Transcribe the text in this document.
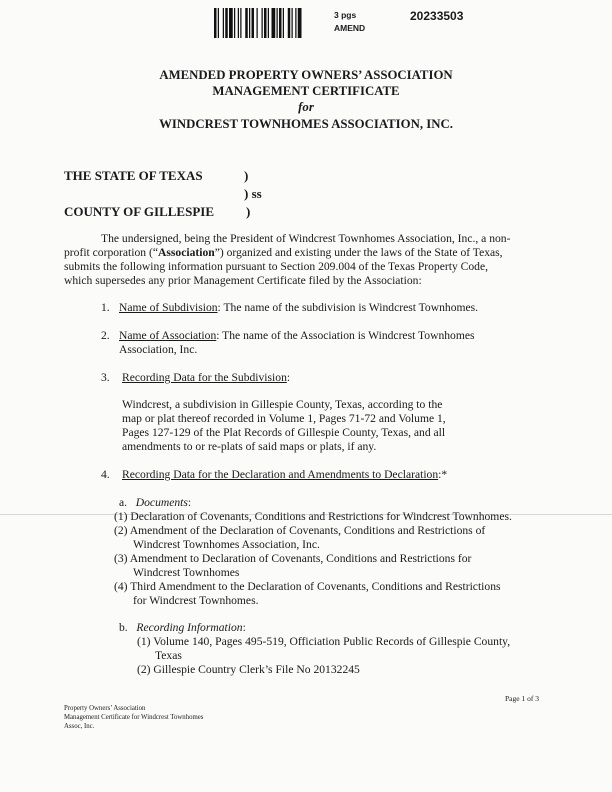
3 pgs
AMEND
20233503
AMENDED PROPERTY OWNERS’ ASSOCIATION
MANAGEMENT CERTIFICATE
for
WINDCREST TOWNHOMES ASSOCIATION, INC.
THE STATE OF TEXAS	)
) ss
COUNTY OF GILLESPIE )
The undersigned, being the President of Windcrest Townhomes Association, Inc., a non-
profit corporation (“Association”) organized and existing under the laws of the State of Texas,
submits the following information pursuant to Section 209.004 of the Texas Property Code,
which supersedes any prior Management Certificate filed by the Association:
1. Name of Subdivision: The name of the subdivision is Windcrest Townhomes.
2. Name of Association: The name of the Association is Windcrest Townhomes
Association, Inc.
3. Recording Data for the Subdivision:
Windcrest, a subdivision in Gillespie County, Texas, according to the
map or plat thereof recorded in Volume 1, Pages 71-72 and Volume 1,
Pages 127-129 of the Plat Records of Gillespie County, Texas, and all
amendments to or re-plats of said maps or plats, if any.
4. Recording Data for the Declaration and Amendments to Declaration:*
a. Documents:
(1) Declaration of Covenants, Conditions and Restrictions for Windcrest Townhomes.
(2) Amendment of the Declaration of Covenants, Conditions and Restrictions of
Windcrest Townhomes Association, Inc.
(3) Amendment to Declaration of Covenants, Conditions and Restrictions for
Windcrest Townhomes
(4) Third Amendment to the Declaration of Covenants, Conditions and Restrictions
for Windcrest Townhomes.
b. Recording Information:
(1) Volume 140, Pages 495-519, Officiation Public Records of Gillespie County,
Texas
(2) Gillespie Country Clerk’s File No 20132245
Page 1 of 3
Property Owners’ Association
Management Certificate for Windcrest Townhomes
Assoc, Inc.
